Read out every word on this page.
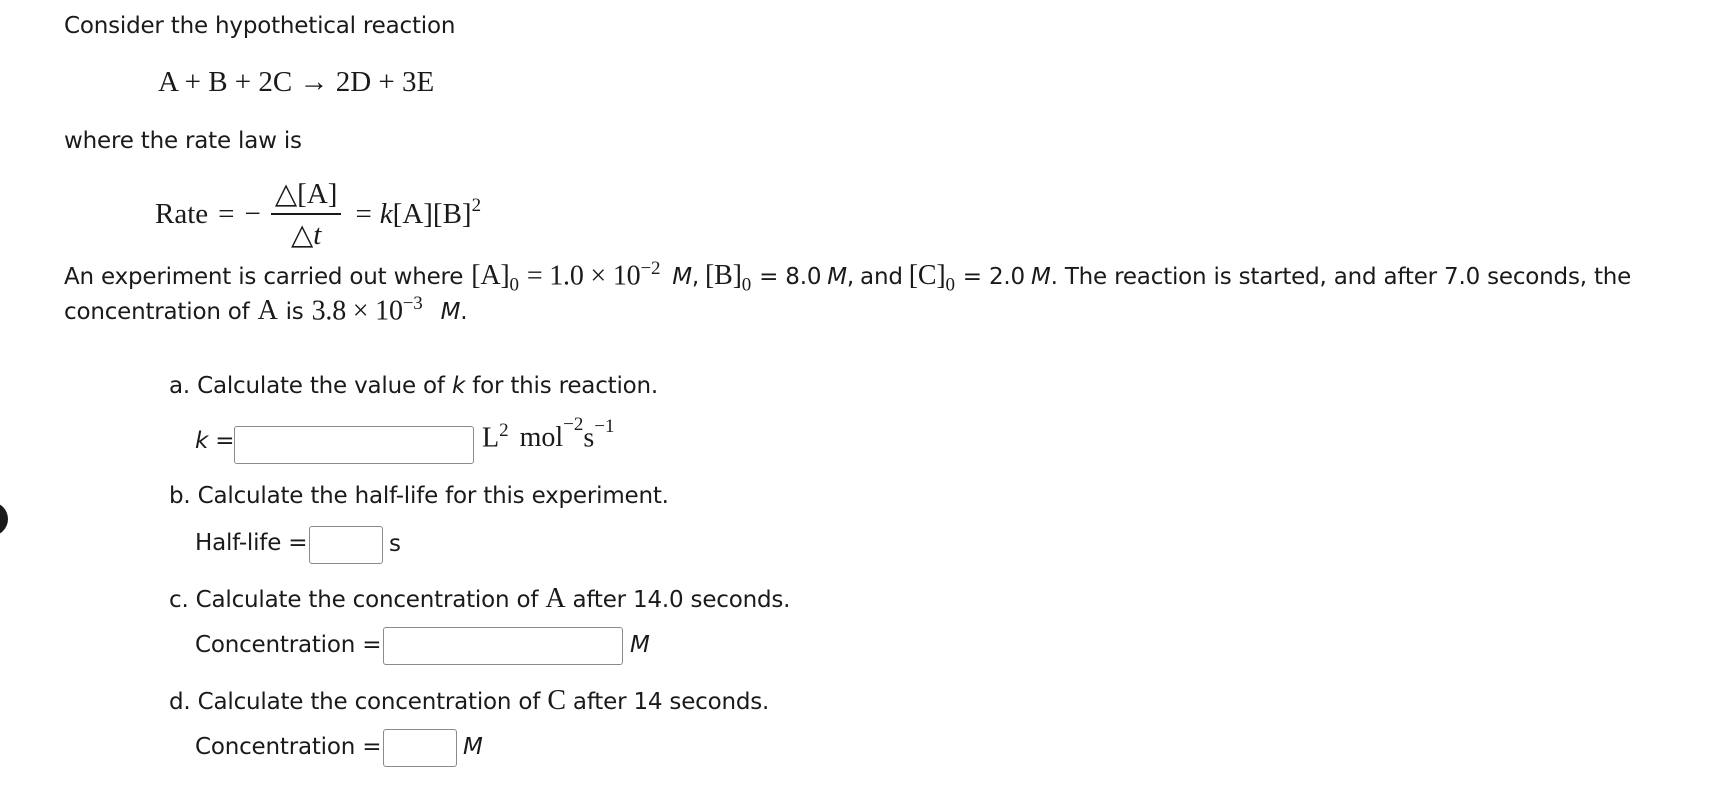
Consider the hypothetical reaction
A + B + 2C → 2D + 3E
where the rate law is
Rate = − $\frac{\triangle[A]}{\triangle t} = k$ $[A][B]^2$
An experiment is carried out where $[A]_0 = 1.0 \times 10^{-2}$ M , $[B]_0 = 8.0$ M , and $[C]_0 = 2.0$ M . The reaction is started, and after 7.0 seconds, the
concentration of A is $3.8 \times 10^{-3}$ M .
a. Calculate the value of k for this reaction.
k =	$L^2$ $mol^{-2}s^{-1}$
b. Calculate the half-life for this experiment.
Half-life =	s
c. Calculate the concentration of A after 14.0 seconds.
Concentration =	M
d. Calculate the concentration of C after 14 seconds.
Concentration =	M
